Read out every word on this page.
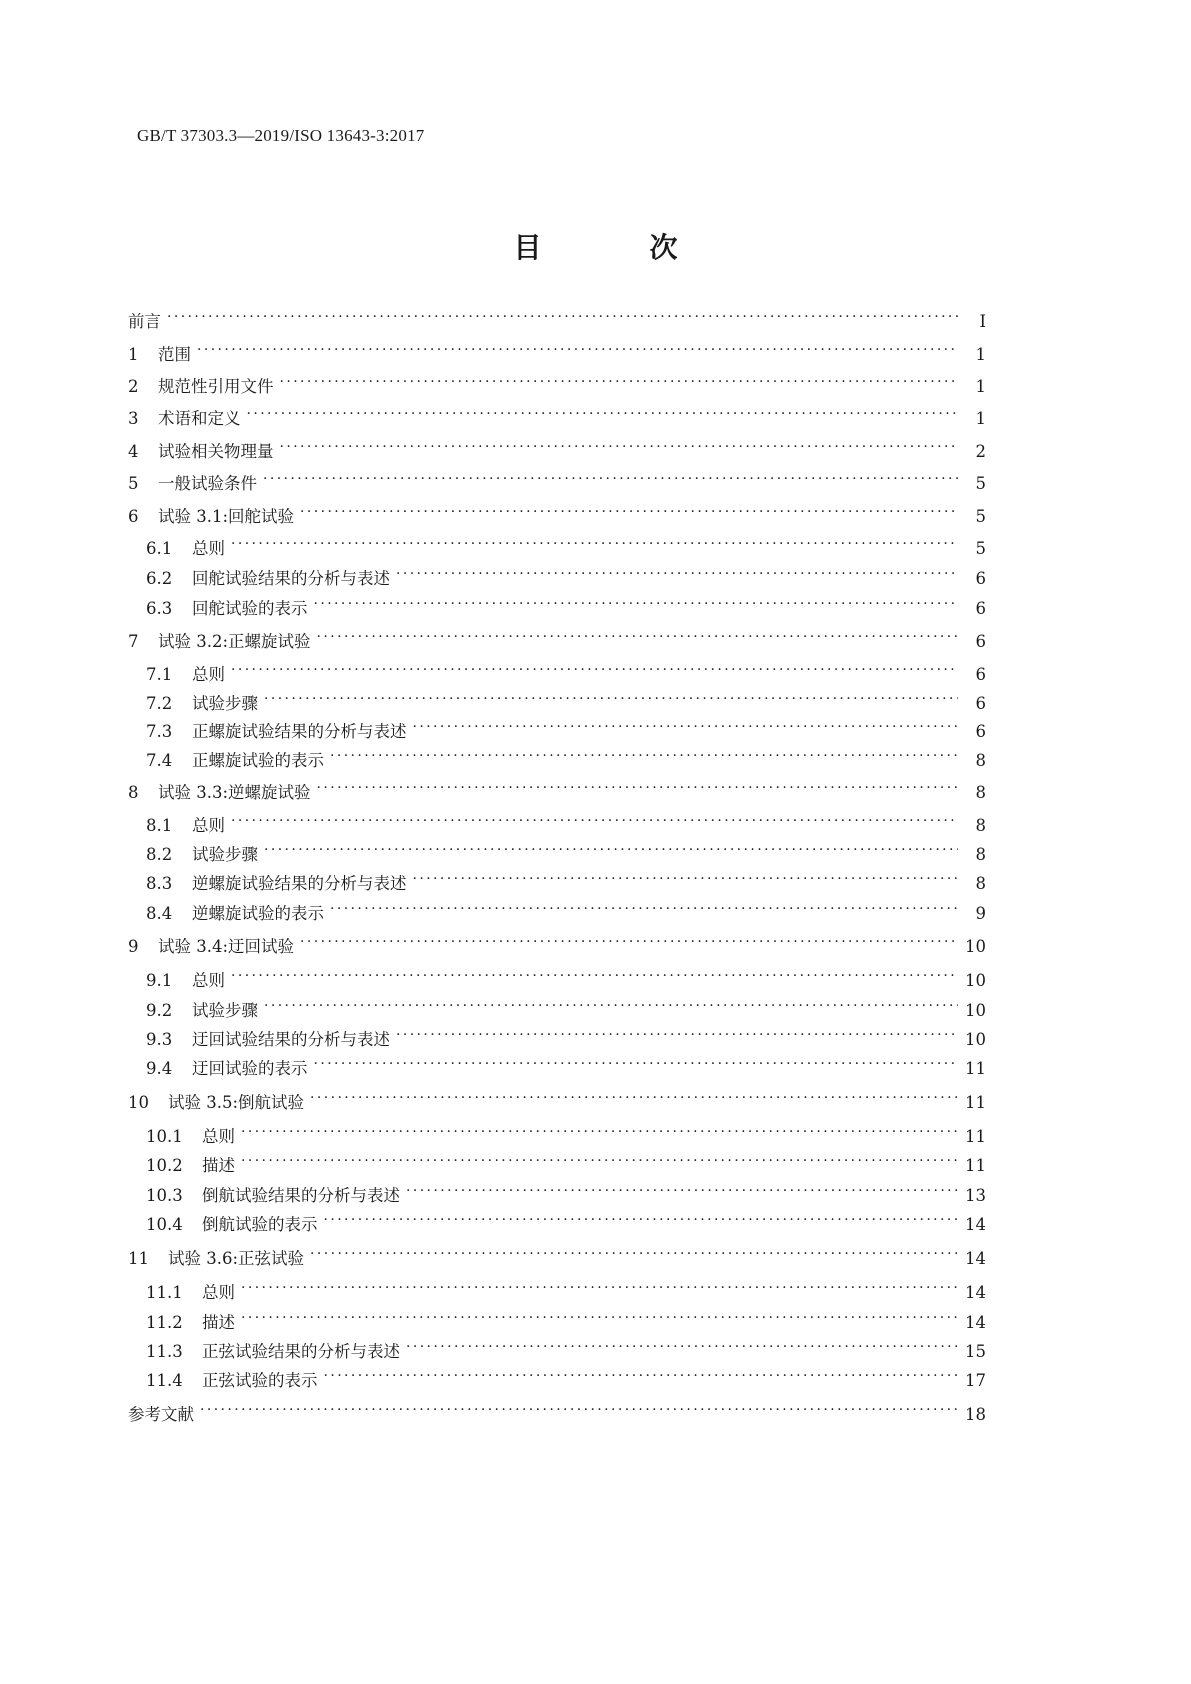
GB/T 37303.3—2019/ISO 13643-3:2017
目　次
前言 ·····	Ⅰ
1	范围 ·····	1
2	规范性引用文件 ·····	1
3	术语和定义 ·····	1
4	试验相关物理量 ·····	2
5	一般试验条件 ·····	5
6	试验 3.1:回舵试验 ·····	5
6.1	总则 ·····	5
6.2	回舵试验结果的分析与表述 ·····	6
6.3	回舵试验的表示 ·····	6
7	试验 3.2:正螺旋试验 ·····	6
7.1	总则 ·····	6
7.2	试验步骤 ·····	6
7.3	正螺旋试验结果的分析与表述 ·····	6
7.4	正螺旋试验的表示 ·····	8
8	试验 3.3:逆螺旋试验 ·····	8
8.1	总则 ·····	8
8.2	试验步骤 ·····	8
8.3	逆螺旋试验结果的分析与表述 ·····	8
8.4	逆螺旋试验的表示 ·····	9
9	试验 3.4:迂回试验 ·····	10
9.1	总则 ·····	10
9.2	试验步骤 ·····	10
9.3	迂回试验结果的分析与表述 ·····	10
9.4	迂回试验的表示 ·····	11
10	试验 3.5:倒航试验 ·····	11
10.1	总则 ·····	11
10.2	描述 ·····	11
10.3	倒航试验结果的分析与表述 ·····	13
10.4	倒航试验的表示 ·····	14
11	试验 3.6:正弦试验 ·····	14
11.1	总则 ·····	14
11.2	描述 ·····	14
11.3	正弦试验结果的分析与表述 ·····	15
11.4	正弦试验的表示 ·····	17
参考文献 ·····	18
